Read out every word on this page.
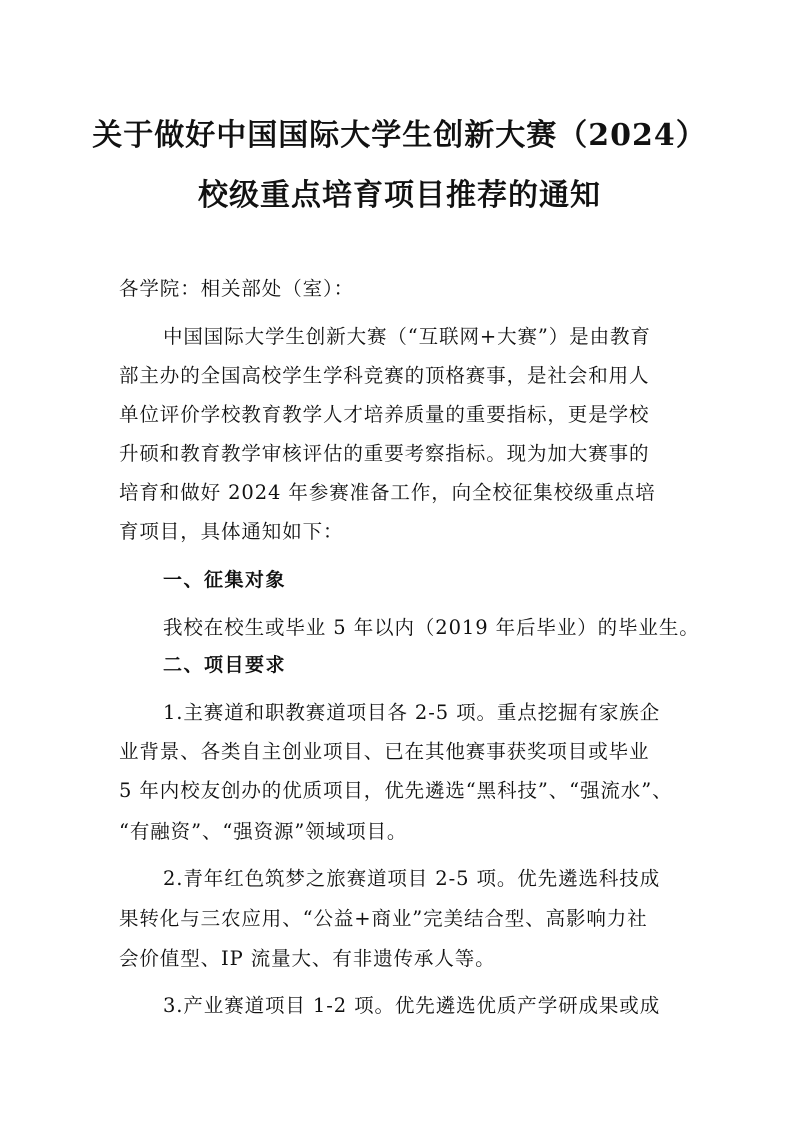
关于做好中国国际大学生创新大赛（2024）
校级重点培育项目推荐的通知
各学院：相关部处（室）：
中国国际大学生创新大赛（“互联网+大赛”）是由教育
部主办的全国高校学生学科竞赛的顶格赛事，是社会和用人
单位评价学校教育教学人才培养质量的重要指标，更是学校
升硕和教育教学审核评估的重要考察指标。现为加大赛事的
培育和做好 2024 年参赛准备工作，向全校征集校级重点培
育项目，具体通知如下：
一、征集对象
我校在校生或毕业 5 年以内（2019 年后毕业）的毕业生。
二、项目要求
1.主赛道和职教赛道项目各 2-5 项。重点挖掘有家族企
业背景、各类自主创业项目、已在其他赛事获奖项目或毕业
5 年内校友创办的优质项目，优先遴选“黑科技”、“强流水”、
“有融资”、“强资源”领域项目。
2.青年红色筑梦之旅赛道项目 2-5 项。优先遴选科技成
果转化与三农应用、“公益+商业”完美结合型、高影响力社
会价值型、IP 流量大、有非遗传承人等。
3.产业赛道项目 1-2 项。优先遴选优质产学研成果或成
